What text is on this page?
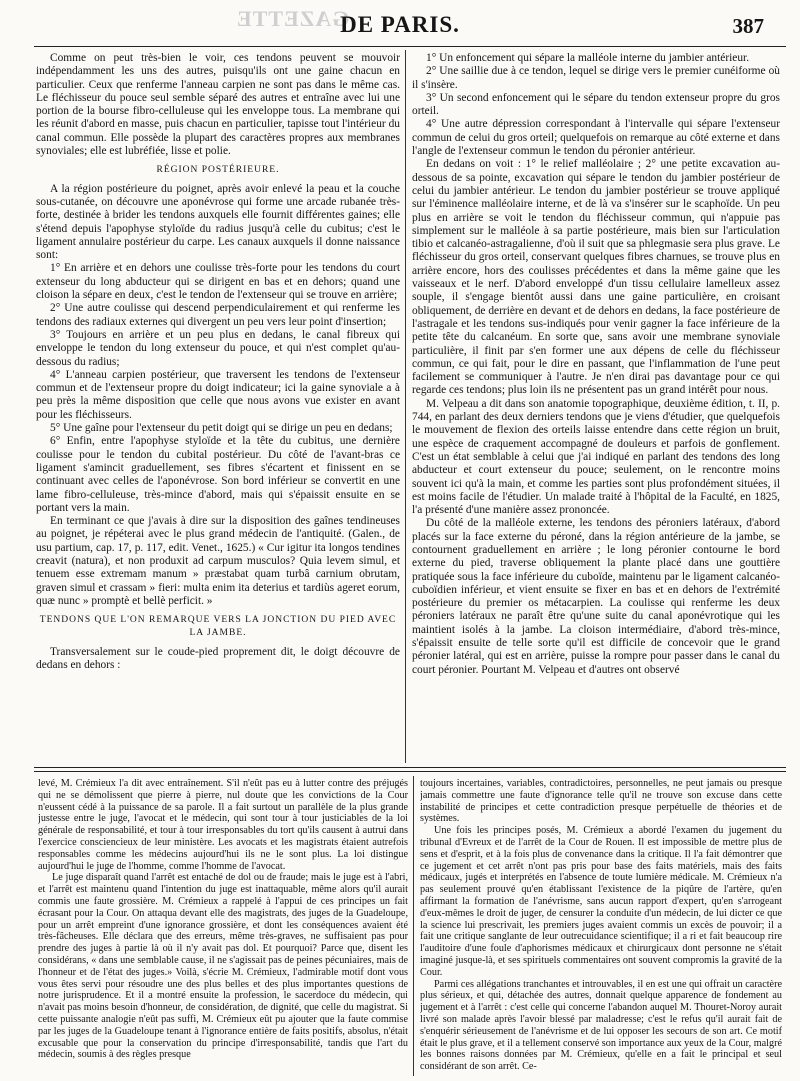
GAZETTE
DE PARIS.	387

Comme on peut très-bien le voir, ces tendons peuvent se mouvoir indépendamment les uns des autres, puisqu'ils ont une gaine chacun en particulier. Ceux que renferme l'anneau carpien ne sont pas dans le même cas. Le fléchisseur du pouce seul semble séparé des autres et entraîne avec lui une portion de la bourse fibro-celluleuse qui les enveloppe tous. La membrane qui les réunit d'abord en masse, puis chacun en particulier, tapisse tout l'intérieur du canal commun. Elle possède la plupart des caractères propres aux membranes synoviales; elle est lubréfiée, lisse et polie.

RÉGION POSTÉRIEURE.

A la région postérieure du poignet, après avoir enlevé la peau et la couche sous-cutanée, on découvre une aponévrose qui forme une arcade rubanée très-forte, destinée à brider les tendons auxquels elle fournit différentes gaines; elle s'étend depuis l'apophyse styloïde du radius jusqu'à celle du cubitus; c'est le ligament annulaire postérieur du carpe. Les canaux auxquels il donne naissance sont:

1° En arrière et en dehors une coulisse très-forte pour les tendons du court extenseur du long abducteur qui se dirigent en bas et en dehors; quand une cloison la sépare en deux, c'est le tendon de l'extenseur qui se trouve en arrière;

2° Une autre coulisse qui descend perpendiculairement et qui renferme les tendons des radiaux externes qui divergent un peu vers leur point d'insertion;

3° Toujours en arrière et un peu plus en dedans, le canal fibreux qui enveloppe le tendon du long extenseur du pouce, et qui n'est complet qu'au-dessous du radius;

4° L'anneau carpien postérieur, que traversent les tendons de l'extenseur commun et de l'extenseur propre du doigt indicateur; ici la gaine synoviale a à peu près la même disposition que celle que nous avons vue exister en avant pour les fléchisseurs.

5° Une gaîne pour l'extenseur du petit doigt qui se dirige un peu en dedans;

6° Enfin, entre l'apophyse styloïde et la tête du cubitus, une dernière coulisse pour le tendon du cubital postérieur. Du côté de l'avant-bras ce ligament s'amincit graduellement, ses fibres s'écartent et finissent en se continuant avec celles de l'aponévrose. Son bord inférieur se convertit en une lame fibro-celluleuse, très-mince d'abord, mais qui s'épaissit ensuite en se portant vers la main.

En terminant ce que j'avais à dire sur la disposition des gaînes tendineuses au poignet, je répéterai avec le plus grand médecin de l'antiquité. (Galen., de usu partium, cap. 17, p. 117, edit. Venet., 1625.) « Cur igitur ita longos tendines creavit (natura), et non produxit ad carpum musculos? Quia levem simul, et tenuem esse extremam manum » præstabat quam turbâ carnium obrutam, graven simul et crassam » fieri: multa enim ita deterius et tardiùs ageret eorum, quæ nunc » promptè et bellè perficit. »

TENDONS QUE L'ON REMARQUE VERS LA JONCTION DU PIED AVEC LA JAMBE.

Transversalement sur le coude-pied proprement dit, le doigt découvre de dedans en dehors :

1° Un enfoncement qui sépare la malléole interne du jambier antérieur.

2° Une saillie due à ce tendon, lequel se dirige vers le premier cunéiforme où il s'insère.

3° Un second enfoncement qui le sépare du tendon extenseur propre du gros orteil.

4° Une autre dépression correspondant à l'intervalle qui sépare l'extenseur commun de celui du gros orteil; quelquefois on remarque au côté externe et dans l'angle de l'extenseur commun le tendon du péronier antérieur.

En dedans on voit : 1° le relief malléolaire ; 2° une petite excavation au-dessous de sa pointe, excavation qui sépare le tendon du jambier postérieur de celui du jambier antérieur. Le tendon du jambier postérieur se trouve appliqué sur l'éminence malléolaire interne, et de là va s'insérer sur le scaphoïde. Un peu plus en arrière se voit le tendon du fléchisseur commun, qui n'appuie pas simplement sur le malléole à sa partie postérieure, mais bien sur l'articulation tibio et calcanéo-astragalienne, d'où il suit que sa phlegmasie sera plus grave. Le fléchisseur du gros orteil, conservant quelques fibres charnues, se trouve plus en arrière encore, hors des coulisses précédentes et dans la même gaine que les vaisseaux et le nerf. D'abord enveloppé d'un tissu cellulaire lamelleux assez souple, il s'engage bientôt aussi dans une gaine particulière, en croisant obliquement, de derrière en devant et de dehors en dedans, la face postérieure de l'astragale et les tendons sus-indiqués pour venir gagner la face inférieure de la petite tête du calcanéum. En sorte que, sans avoir une membrane synoviale particulière, il finit par s'en former une aux dépens de celle du fléchisseur commun, ce qui fait, pour le dire en passant, que l'inflammation de l'une peut facilement se communiquer à l'autre. Je n'en dirai pas davantage pour ce qui regarde ces tendons; plus loin ils ne présentent pas un grand intérêt pour nous.

M. Velpeau a dit dans son anatomie topographique, deuxième édition, t. II, p. 744, en parlant des deux derniers tendons que je viens d'étudier, que quelquefois le mouvement de flexion des orteils laisse entendre dans cette région un bruit, une espèce de craquement accompagné de douleurs et parfois de gonflement. C'est un état semblable à celui que j'ai indiqué en parlant des tendons des long abducteur et court extenseur du pouce; seulement, on le rencontre moins souvent ici qu'à la main, et comme les parties sont plus profondément situées, il est moins facile de l'étudier. Un malade traité à l'hôpital de la Faculté, en 1825, l'a présenté d'une manière assez prononcée.

Du côté de la malléole externe, les tendons des péroniers latéraux, d'abord placés sur la face externe du péroné, dans la région antérieure de la jambe, se contournent graduellement en arrière ; le long péronier contourne le bord externe du pied, traverse obliquement la plante placé dans une gouttière pratiquée sous la face inférieure du cuboïde, maintenu par le ligament calcanéo-cuboïdien inférieur, et vient ensuite se fixer en bas et en dehors de l'extrémité postérieure du premier os métacarpien. La coulisse qui renferme les deux péroniers latéraux ne paraît être qu'une suite du canal aponévrotique qui les maintient isolés à la jambe. La cloison intermédiaire, d'abord très-mince, s'épaissit ensuite de telle sorte qu'il est difficile de concevoir que le grand péronier latéral, qui est en arrière, puisse la rompre pour passer dans le canal du court péronier. Pourtant M. Velpeau et d'autres ont observé

levé, M. Crémieux l'a dit avec entraînement. S'il n'eût pas eu à lutter contre des préjugés qui ne se démolissent que pierre à pierre, nul doute que les convictions de la Cour n'eussent cédé à la puissance de sa parole. Il a fait surtout un parallèle de la plus grande justesse entre le juge, l'avocat et le médecin, qui sont tour à tour justiciables de la loi générale de responsabilité, et tour à tour irresponsables du tort qu'ils causent à autrui dans l'exercice consciencieux de leur ministère. Les avocats et les magistrats étaient autrefois responsables comme les médecins aujourd'hui ils ne le sont plus. La loi distingue aujourd'hui le juge de l'homme, comme l'homme de l'avocat.

Le juge disparaît quand l'arrêt est entaché de dol ou de fraude; mais le juge est à l'abri, et l'arrêt est maintenu quand l'intention du juge est inattaquable, même alors qu'il aurait commis une faute grossière. M. Crémieux a rappelé à l'appui de ces principes un fait écrasant pour la Cour. On attaqua devant elle des magistrats, des juges de la Guadeloupe, pour un arrêt empreint d'une ignorance grossière, et dont les conséquences avaient été très-fâcheuses. Elle déclara que des erreurs, même très-graves, ne suffisaient pas pour prendre des juges à partie là où il n'y avait pas dol. Et pourquoi? Parce que, disent les considérans, « dans une semblable cause, il ne s'agissait pas de peines pécuniaires, mais de l'honneur et de l'état des juges.» Voilà, s'écrie M. Crémieux, l'admirable motif dont vous vous êtes servi pour résoudre une des plus belles et des plus importantes questions de notre jurisprudence. Et il a montré ensuite la profession, le sacerdoce du médecin, qui n'avait pas moins besoin d'honneur, de considération, de dignité, que celle du magistrat. Si cette puissante analogie n'eût pas suffi, M. Crémieux eût pu ajouter que la faute commise par les juges de la Guadeloupe tenant à l'ignorance entière de faits positifs, absolus, n'était excusable que pour la conservation du principe d'irresponsabilité, tandis que l'art du médecin, soumis à des règles presque

toujours incertaines, variables, contradictoires, personnelles, ne peut jamais ou presque jamais commettre une faute d'ignorance telle qu'il ne trouve son excuse dans cette instabilité de principes et cette contradiction presque perpétuelle de théories et de systèmes.

Une fois les principes posés, M. Crémieux a abordé l'examen du jugement du tribunal d'Evreux et de l'arrêt de la Cour de Rouen. Il est impossible de mettre plus de sens et d'esprit, et à la fois plus de convenance dans la critique. Il l'a fait démontrer que ce jugement et cet arrêt n'ont pas pris pour base des faits matériels, mais des faits médicaux, jugés et interprétés en l'absence de toute lumière médicale. M. Crémieux n'a pas seulement prouvé qu'en établissant l'existence de la piqûre de l'artère, qu'en affirmant la formation de l'anévrisme, sans aucun rapport d'expert, qu'en s'arrogeant d'eux-mêmes le droit de juger, de censurer la conduite d'un médecin, de lui dicter ce que la science lui prescrivait, les premiers juges avaient commis un excès de pouvoir; il a fait une critique sanglante de leur outrecuidance scientifique; il a ri et fait beaucoup rire l'auditoire d'une foule d'aphorismes médicaux et chirurgicaux dont personne ne s'était imaginé jusque-là, et ses spirituels commentaires ont souvent compromis la gravité de la Cour.

Parmi ces allégations tranchantes et introuvables, il en est une qui offrait un caractère plus sérieux, et qui, détachée des autres, donnait quelque apparence de fondement au jugement et à l'arrêt : c'est celle qui concerne l'abandon auquel M. Thouret-Noroy aurait livré son malade après l'avoir blessé par maladresse; c'est le refus qu'il aurait fait de s'enquérir sérieusement de l'anévrisme et de lui opposer les secours de son art. Ce motif était le plus grave, et il a tellement conservé son importance aux yeux de la Cour, malgré les bonnes raisons données par M. Crémieux, qu'elle en a fait le principal et seul considérant de son arrêt. Ce-
